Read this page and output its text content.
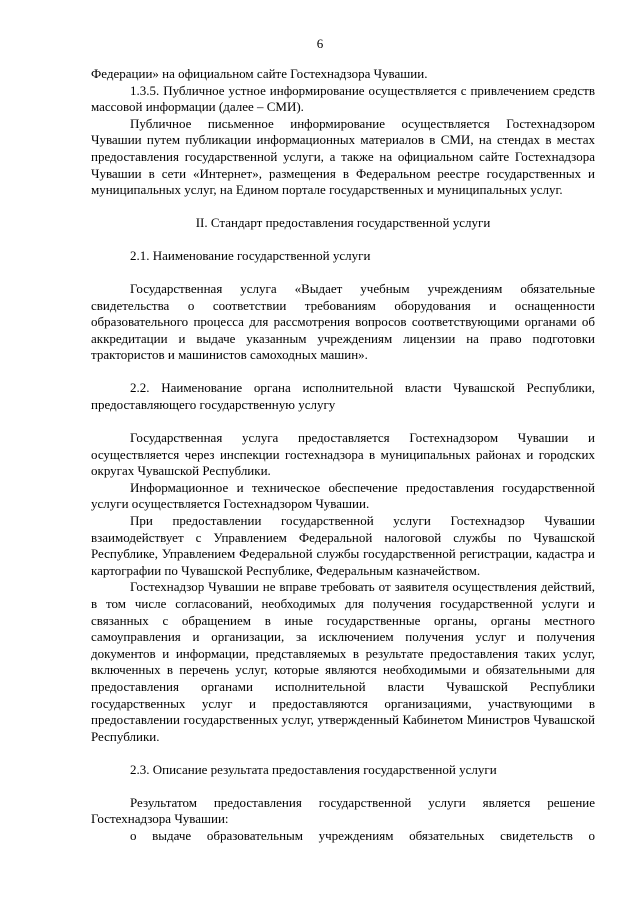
6

Федерации» на официальном сайте Гостехнадзора Чувашии.

1.3.5. Публичное устное информирование осуществляется с привлечением средств массовой информации (далее – СМИ).

Публичное письменное информирование осуществляется Гостехнадзором Чувашии путем публикации информационных материалов в СМИ, на стендах в местах предоставления государственной услуги, а также на официальном сайте Гостехнадзора Чувашии в сети «Интернет», размещения в Федеральном реестре государственных и муниципальных услуг, на Едином портале государственных и муниципальных услуг.

II. Стандарт предоставления государственной услуги

2.1. Наименование государственной услуги

Государственная услуга «Выдает учебным учреждениям обязательные свидетельства о соответствии требованиям оборудования и оснащенности образовательного процесса для рассмотрения вопросов соответствующими органами об аккредитации и выдаче указанным учреждениям лицензии на право подготовки трактористов и машинистов самоходных машин».

2.2. Наименование органа исполнительной власти Чувашской Республики, предоставляющего государственную услугу

Государственная услуга предоставляется Гостехнадзором Чувашии и осуществляется через инспекции гостехнадзора в муниципальных районах и городских округах Чувашской Республики.

Информационное и техническое обеспечение предоставления государственной услуги осуществляется Гостехнадзором Чувашии.

При предоставлении государственной услуги Гостехнадзор Чувашии взаимодействует с Управлением Федеральной налоговой службы по Чувашской Республике, Управлением Федеральной службы государственной регистрации, кадастра и картографии по Чувашской Республике, Федеральным казначейством.

Гостехнадзор Чувашии не вправе требовать от заявителя осуществления действий, в том числе согласований, необходимых для получения государственной услуги и связанных с обращением в иные государственные органы, органы местного самоуправления и организации, за исключением получения услуг и получения документов и информации, представляемых в результате предоставления таких услуг, включенных в перечень услуг, которые являются необходимыми и обязательными для предоставления органами исполнительной власти Чувашской Республики государственных услуг и предоставляются организациями, участвующими в предоставлении государственных услуг, утвержденный Кабинетом Министров Чувашской Республики.

2.3. Описание результата предоставления государственной услуги

Результатом предоставления государственной услуги является решение Гостехнадзора Чувашии:

о выдаче образовательным учреждениям обязательных свидетельств о
